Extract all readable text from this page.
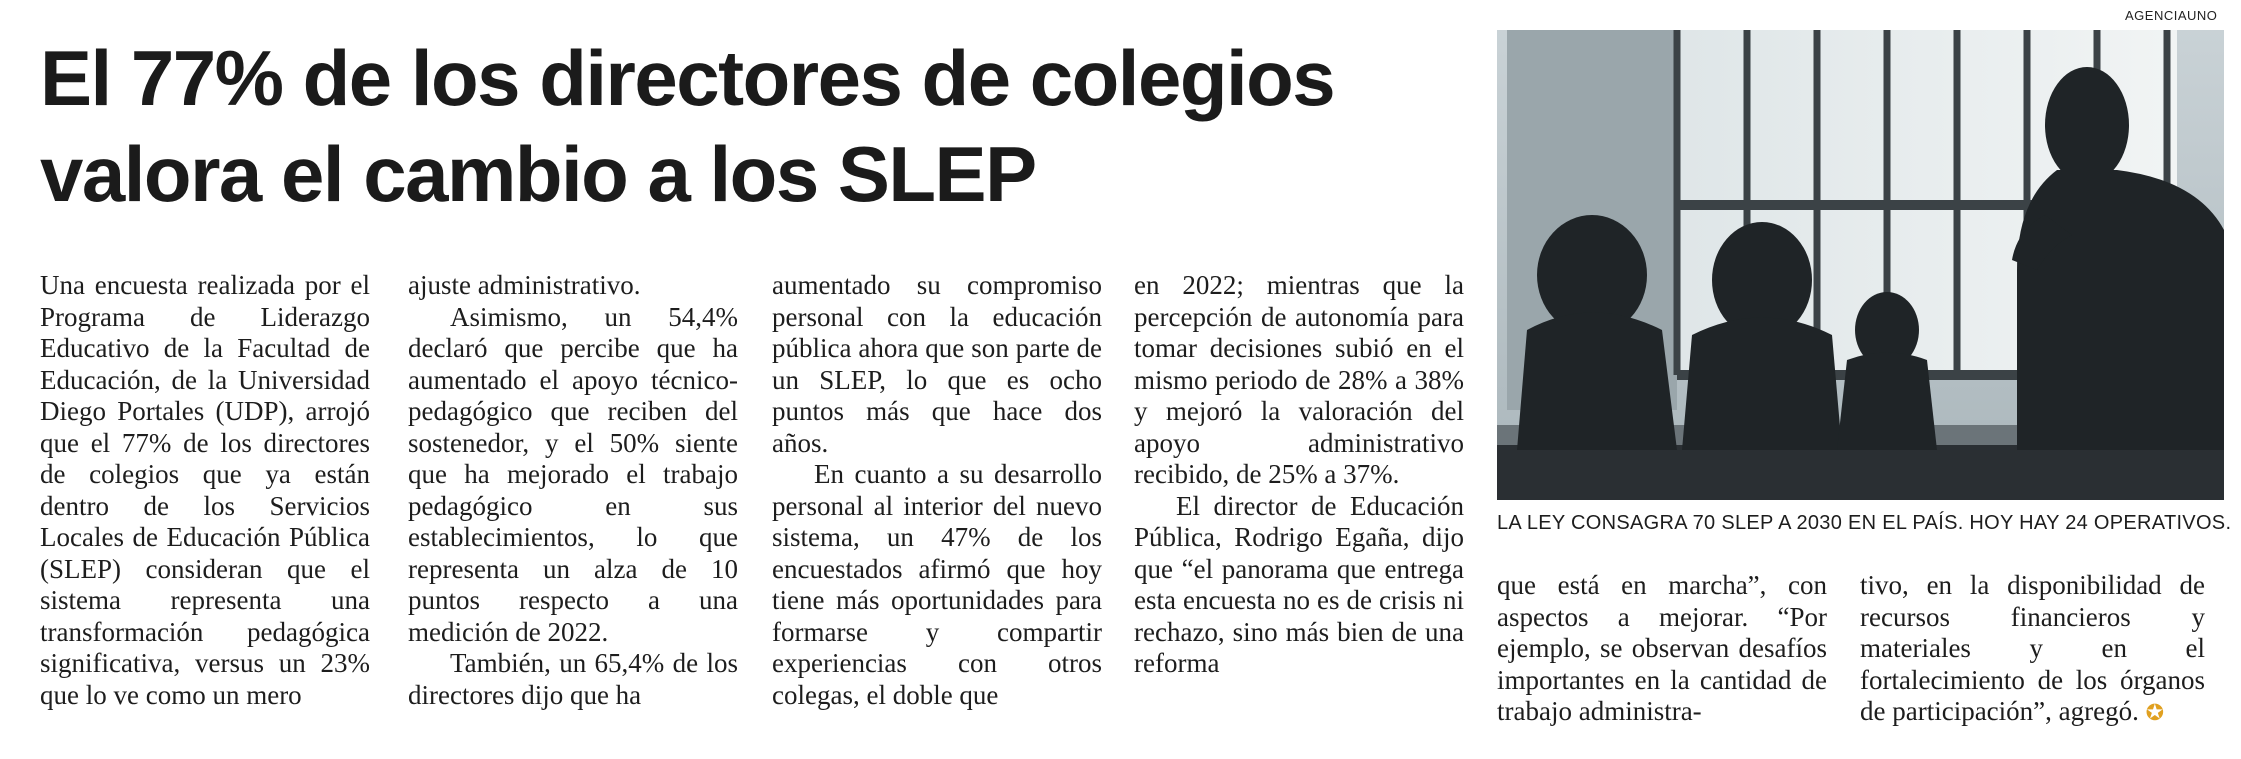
El 77% de los directores de colegios valora el cambio a los SLEP

Una encuesta realizada por el Programa de Liderazgo Educativo de la Facultad de Educación, de la Universidad Diego Portales (UDP), arrojó que el 77% de los directores de colegios que ya están dentro de los Servicios Locales de Educación Pública (SLEP) consideran que el sistema representa una transformación pedagógica significativa, versus un 23% que lo ve como un mero

ajuste administrativo.

Asimismo, un 54,4% declaró que percibe que ha aumentado el apoyo técnico-pedagógico que reciben del sostenedor, y el 50% siente que ha mejorado el trabajo pedagógico en sus establecimientos, lo que representa un alza de 10 puntos respecto a una medición de 2022.

También, un 65,4% de los directores dijo que ha

aumentado su compromiso personal con la educación pública ahora que son parte de un SLEP, lo que es ocho puntos más que hace dos años.

En cuanto a su desarrollo personal al interior del nuevo sistema, un 47% de los encuestados afirmó que hoy tiene más oportunidades para formarse y compartir experiencias con otros colegas, el doble que

en 2022; mientras que la percepción de autonomía para tomar decisiones subió en el mismo periodo de 28% a 38% y mejoró la valoración del apoyo administrativo recibido, de 25% a 37%.

El director de Educación Pública, Rodrigo Egaña, dijo que “el panorama que entrega esta encuesta no es de crisis ni rechazo, sino más bien de una reforma

que está en marcha”, con aspectos a mejorar. “Por ejemplo, se observan desafíos importantes en la cantidad de trabajo administra-

tivo, en la disponibilidad de recursos financieros y materiales y en el fortalecimiento de los órganos de participación”, agregó. ✪

AGENCIAUNO
LA LEY CONSAGRA 70 SLEP A 2030 EN EL PAÍS. HOY HAY 24 OPERATIVOS.
